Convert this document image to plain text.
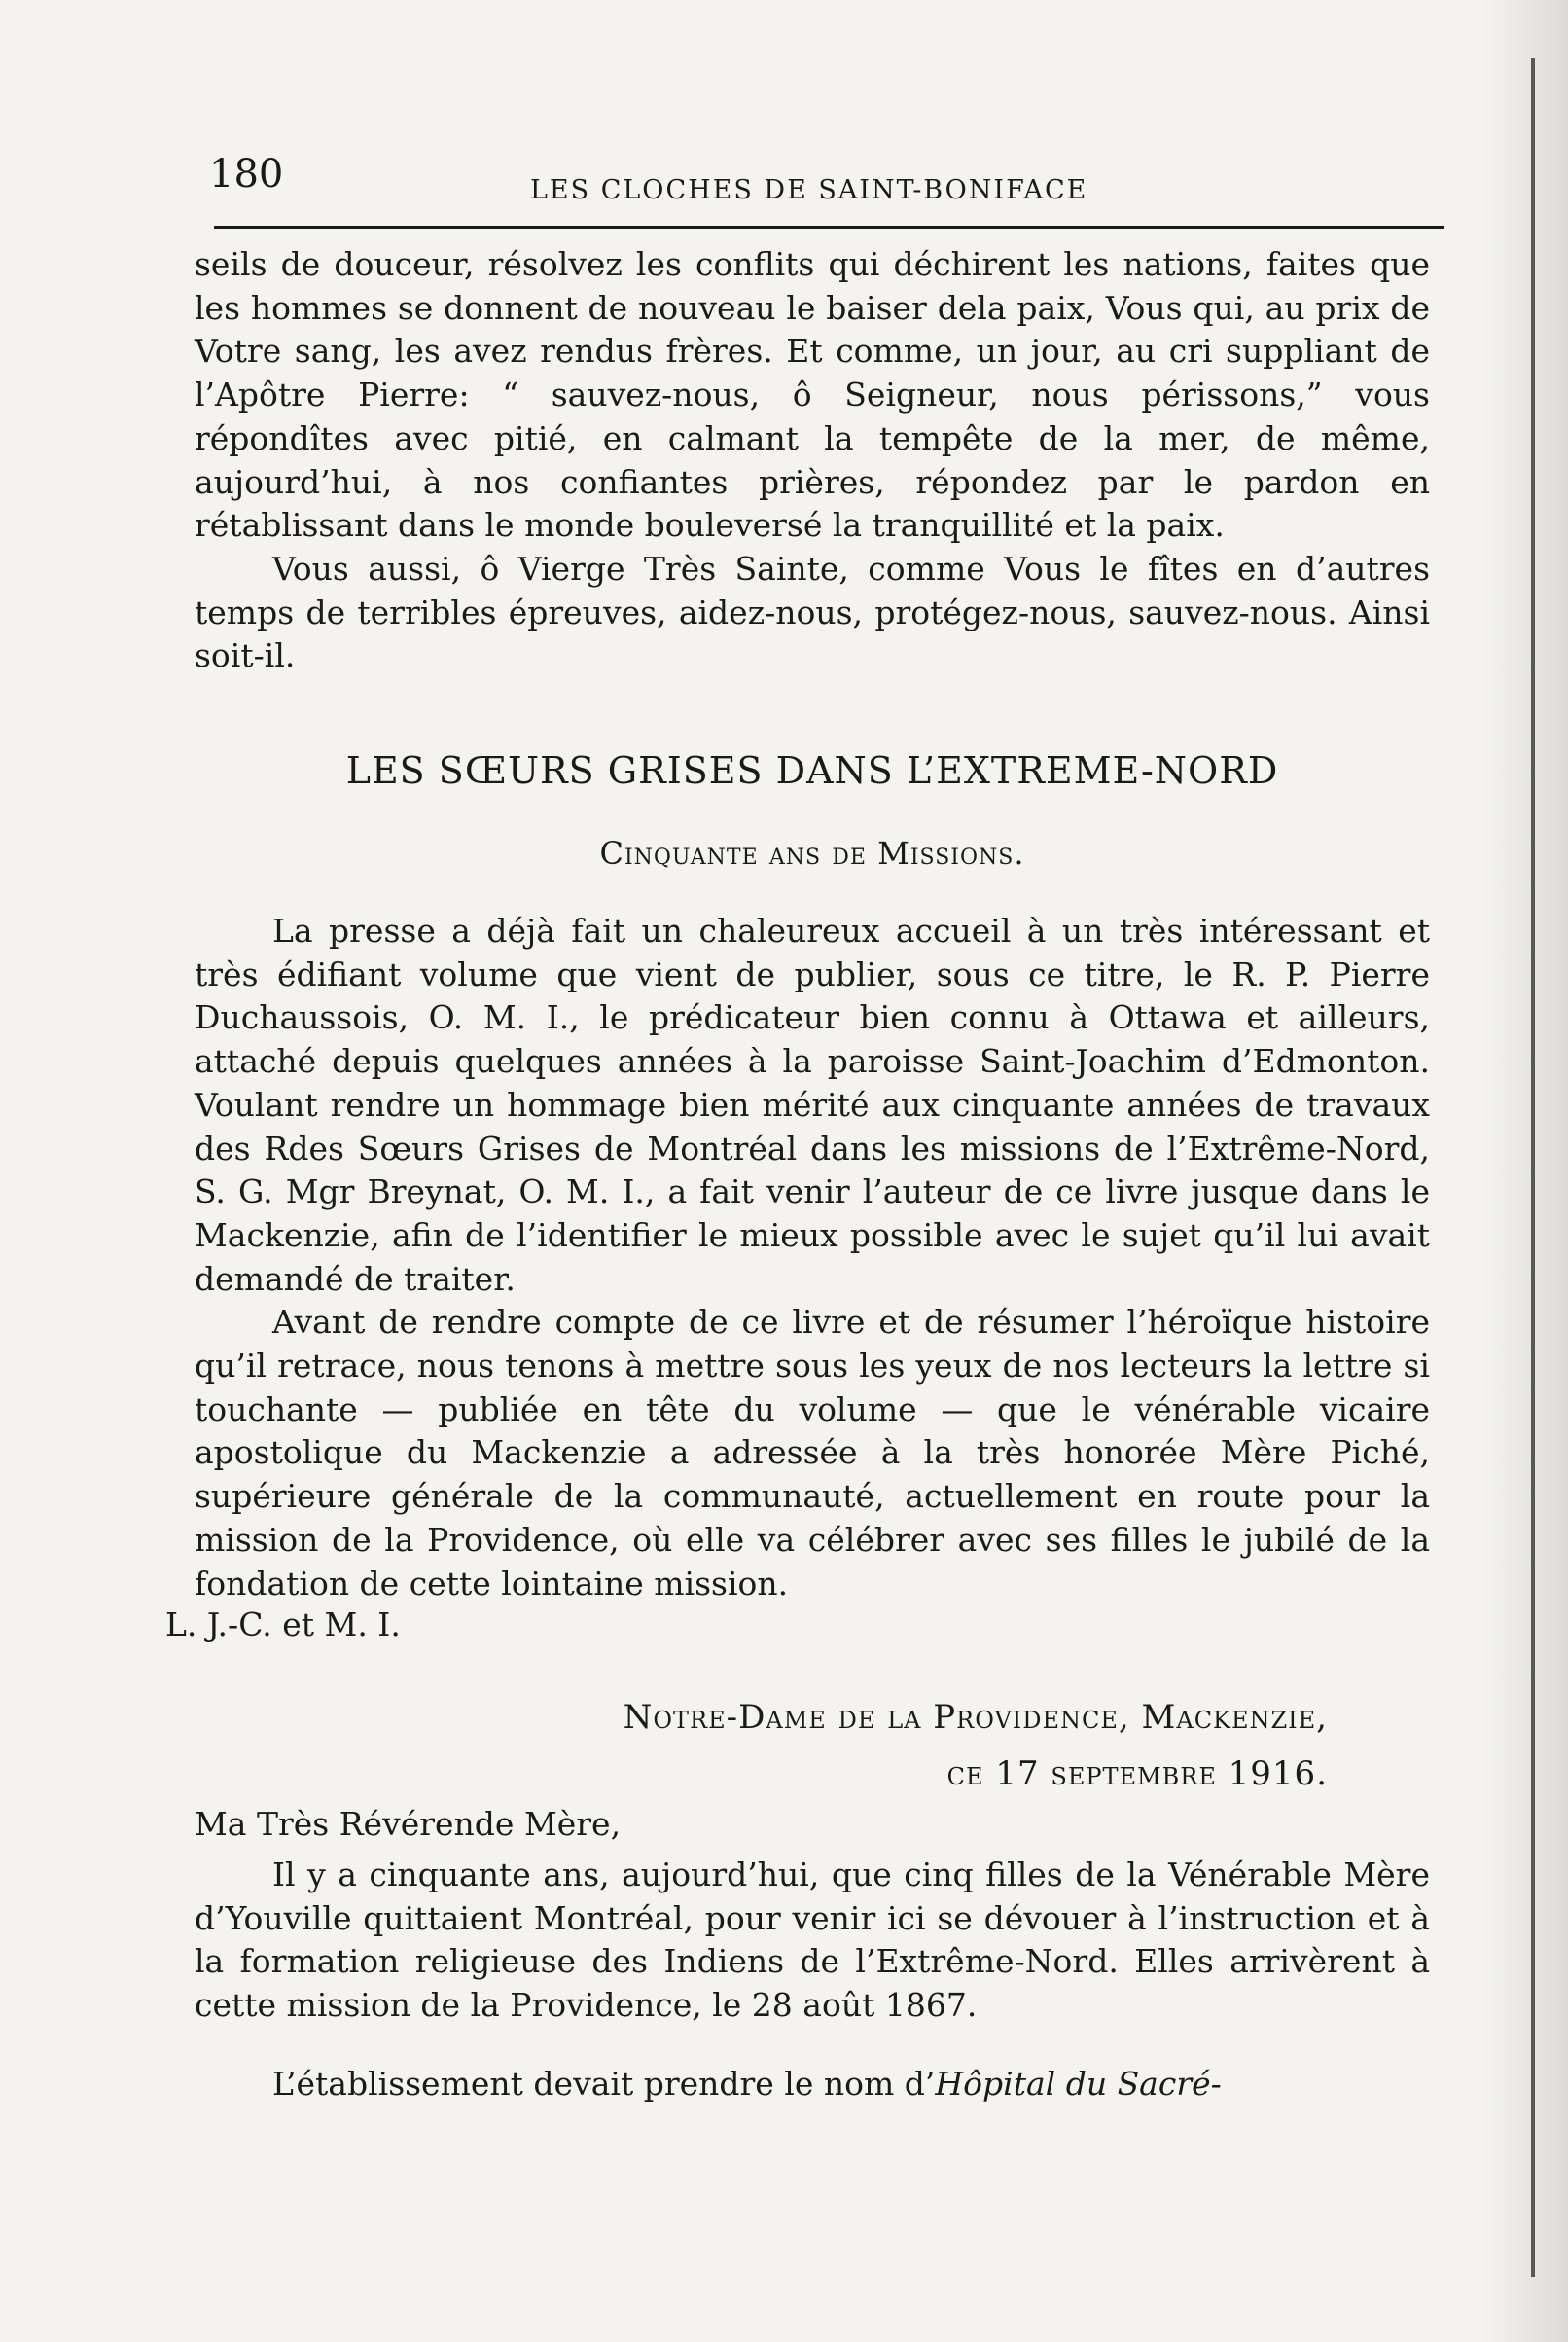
180	LES CLOCHES DE SAINT-BONIFACE

seils de douceur, résolvez les conflits qui déchirent les nations, faites que les hommes se donnent de nouveau le baiser dela paix, Vous qui, au prix de Votre sang, les avez rendus frères. Et comme, un jour, au cri suppliant de l’Apôtre Pierre: “ sauvez-nous, ô Seigneur, nous périssons,” vous répondîtes avec pitié, en calmant la tempête de la mer, de même, aujourd’hui, à nos confiantes prières, répondez par le pardon en rétablissant dans le monde bouleversé la tranquillité et la paix.

Vous aussi, ô Vierge Très Sainte, comme Vous le fîtes en d’autres temps de terribles épreuves, aidez-nous, protégez-nous, sauvez-nous. Ainsi soit-il.

LES SŒURS GRISES DANS L’EXTREME-NORD
Cinquante ans de Missions.

La presse a déjà fait un chaleureux accueil à un très intéressant et très édifiant volume que vient de publier, sous ce titre, le R. P. Pierre Duchaussois, O. M. I., le prédicateur bien connu à Ottawa et ailleurs, attaché depuis quelques années à la paroisse Saint-Joachim d’Edmonton. Voulant rendre un hommage bien mérité aux cinquante années de travaux des Rdes Sœurs Grises de Montréal dans les missions de l’Extrême-Nord, S. G. Mgr Breynat, O. M. I., a fait venir l’auteur de ce livre jusque dans le Mackenzie, afin de l’identifier le mieux possible avec le sujet qu’il lui avait demandé de traiter.

Avant de rendre compte de ce livre et de résumer l’héroïque histoire qu’il retrace, nous tenons à mettre sous les yeux de nos lecteurs la lettre si touchante — publiée en tête du volume — que le vénérable vicaire apostolique du Mackenzie a adressée à la très honorée Mère Piché, supérieure générale de la communauté, actuellement en route pour la mission de la Providence, où elle va célébrer avec ses filles le jubilé de la fondation de cette lointaine mission.

L. J.-C. et M. I.
Notre-Dame de la Providence, Mackenzie,
ce 17 septembre 1916.
Ma Très Révérende Mère,

Il y a cinquante ans, aujourd’hui, que cinq filles de la Vénérable Mère d’Youville quittaient Montréal, pour venir ici se dévouer à l’instruction et à la formation religieuse des Indiens de l’Extrême-Nord. Elles arrivèrent à cette mission de la Providence, le 28 août 1867.

L’établissement devait prendre le nom d’Hôpital du Sacré-
